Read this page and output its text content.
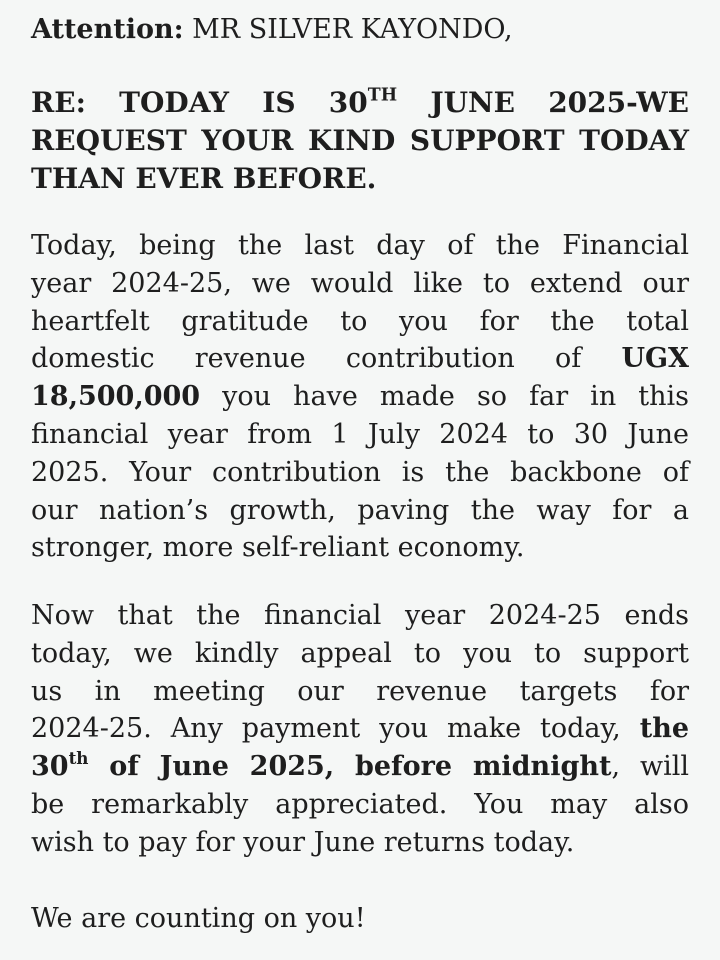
Attention: MR SILVER KAYONDO,
RE: TODAY IS 30TH JUNE 2025-WE
REQUEST YOUR KIND SUPPORT TODAY
THAN EVER BEFORE.
Today, being the last day of the Financial
year 2024-25, we would like to extend our
heartfelt gratitude to you for the total
domestic revenue contribution of UGX
18,500,000 you have made so far in this
financial year from 1 July 2024 to 30 June
2025. Your contribution is the backbone of
our nation’s growth, paving the way for a
stronger, more self-reliant economy.
Now that the financial year 2024-25 ends
today, we kindly appeal to you to support
us in meeting our revenue targets for
2024-25. Any payment you make today, the
30th of June 2025, before midnight, will
be remarkably appreciated. You may also
wish to pay for your June returns today.
We are counting on you!
